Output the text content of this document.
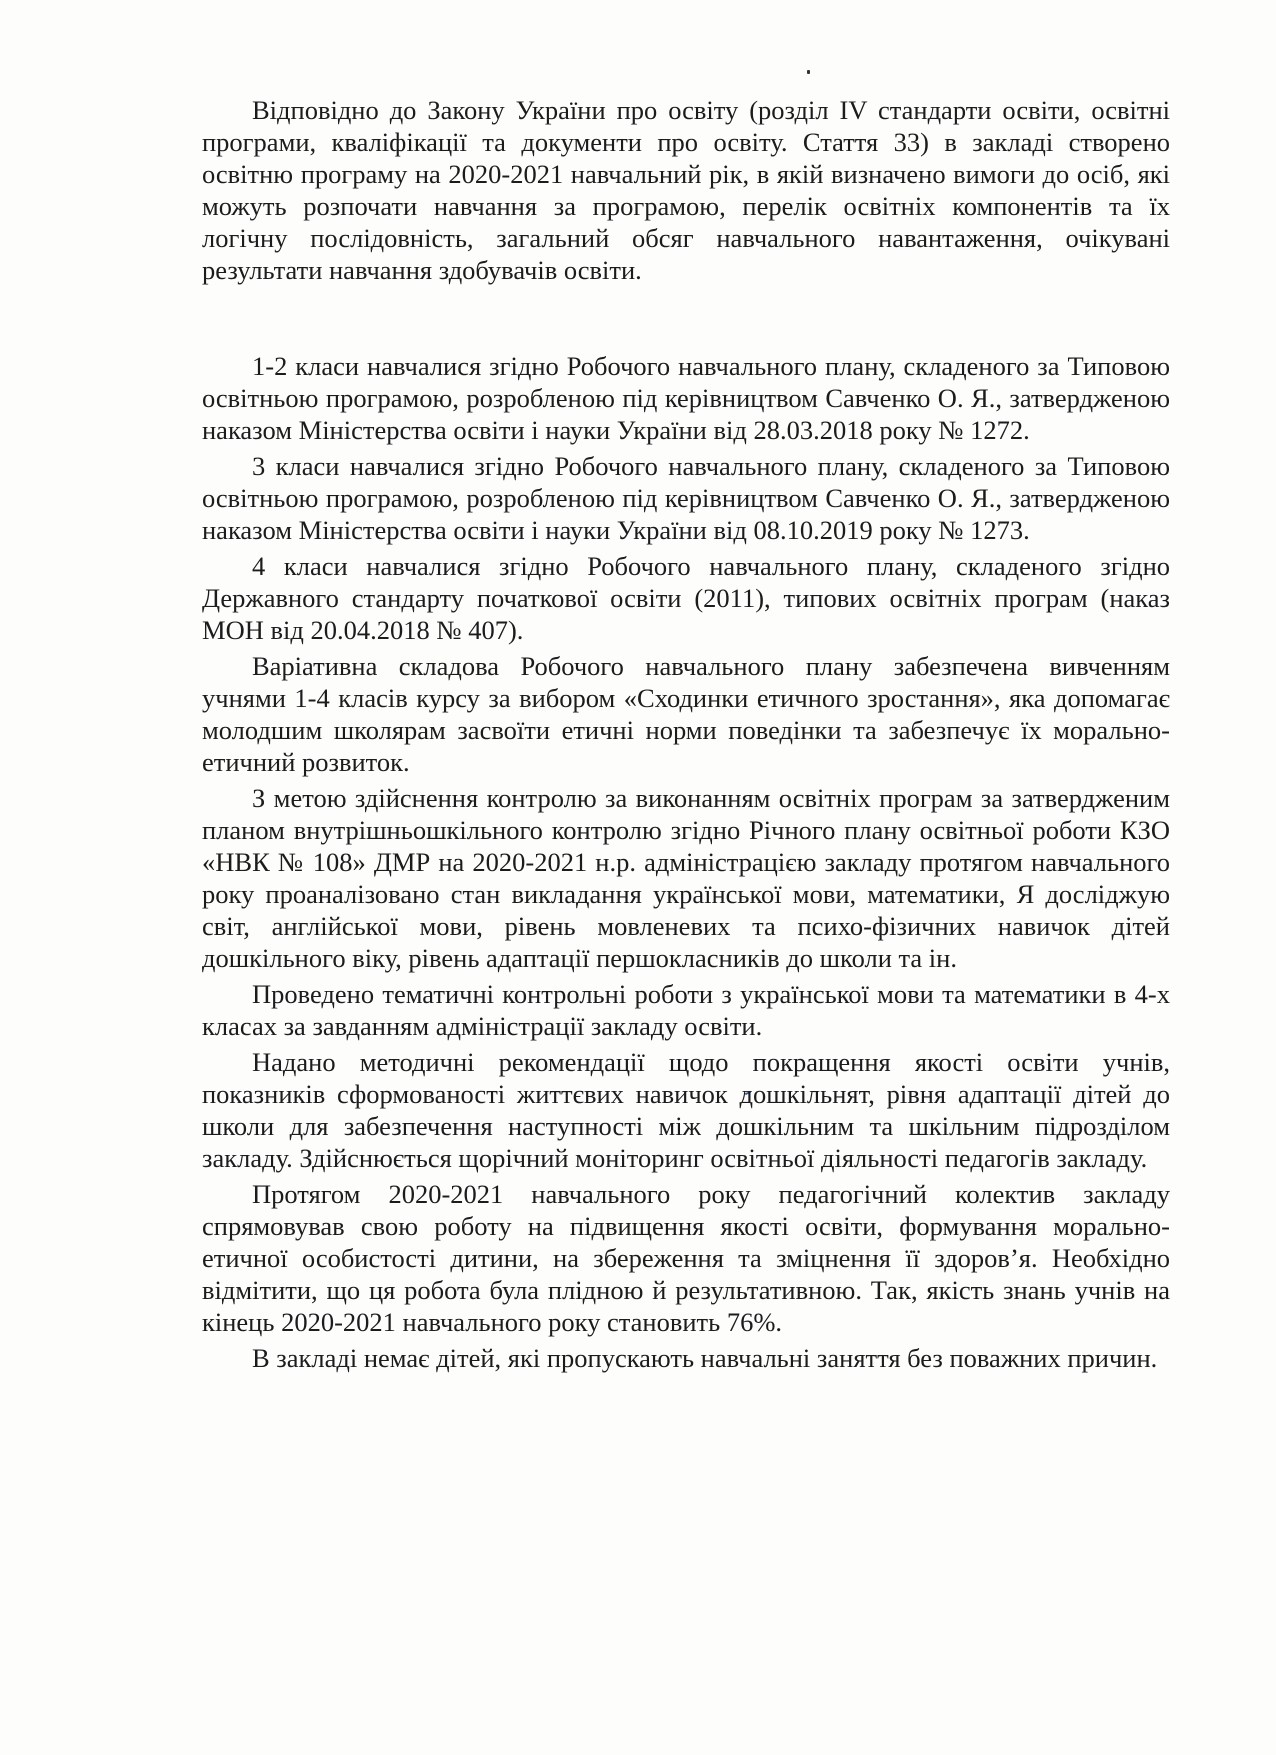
Відповідно до Закону України про освіту (розділ IV стандарти освіти, освітні програми, кваліфікації та документи про освіту. Стаття 33) в закладі створено освітню програму на 2020-2021 навчальний рік, в якій визначено вимоги до осіб, які можуть розпочати навчання за програмою, перелік освітніх компонентів та їх логічну послідовність, загальний обсяг навчального навантаження, очікувані результати навчання здобувачів освіти.

1-2 класи навчалися згідно Робочого навчального плану, складеного за Типовою освітньою програмою, розробленою під керівництвом Савченко О. Я., затвердженою наказом Міністерства освіти і науки України від 28.03.2018 року № 1272.

3 класи навчалися згідно Робочого навчального плану, складеного за Типовою освітньою програмою, розробленою під керівництвом Савченко О. Я., затвердженою наказом Міністерства освіти і науки України від 08.10.2019 року № 1273.

4 класи навчалися згідно Робочого навчального плану, складеного згідно Державного стандарту початкової освіти (2011), типових освітніх програм (наказ МОН від 20.04.2018 № 407).

Варіативна складова Робочого навчального плану забезпечена вивченням учнями 1-4 класів курсу за вибором «Сходинки етичного зростання», яка допомагає молодшим школярам засвоїти етичні норми поведінки та забезпечує їх морально-етичний розвиток.

З метою здійснення контролю за виконанням освітніх програм за затвердженим планом внутрішньошкільного контролю згідно Річного плану освітньої роботи КЗО «НВК № 108» ДМР на 2020-2021 н.р. адміністрацією закладу протягом навчального року проаналізовано стан викладання української мови, математики, Я досліджую світ, англійської мови, рівень мовленевих та психо-фізичних навичок дітей дошкільного віку, рівень адаптації першокласників до школи та ін.

Проведено тематичні контрольні роботи з української мови та математики в 4-х класах за завданням адміністрації закладу освіти.

Надано методичні рекомендації щодо покращення якості освіти учнів, показників сформованості життєвих навичок дошкільнят, рівня адаптації дітей до школи для забезпечення наступності між дошкільним та шкільним підрозділом закладу. Здійснюється щорічний моніторинг освітньої діяльності педагогів закладу.

Протягом 2020-2021 навчального року педагогічний колектив закладу спрямовував свою роботу на підвищення якості освіти, формування морально-етичної особистості дитини, на збереження та зміцнення її здоров’я. Необхідно відмітити, що ця робота була плідною й результативною. Так, якість знань учнів на кінець 2020-2021 навчального року становить 76%.

В закладі немає дітей, які пропускають навчальні заняття без поважних причин.
